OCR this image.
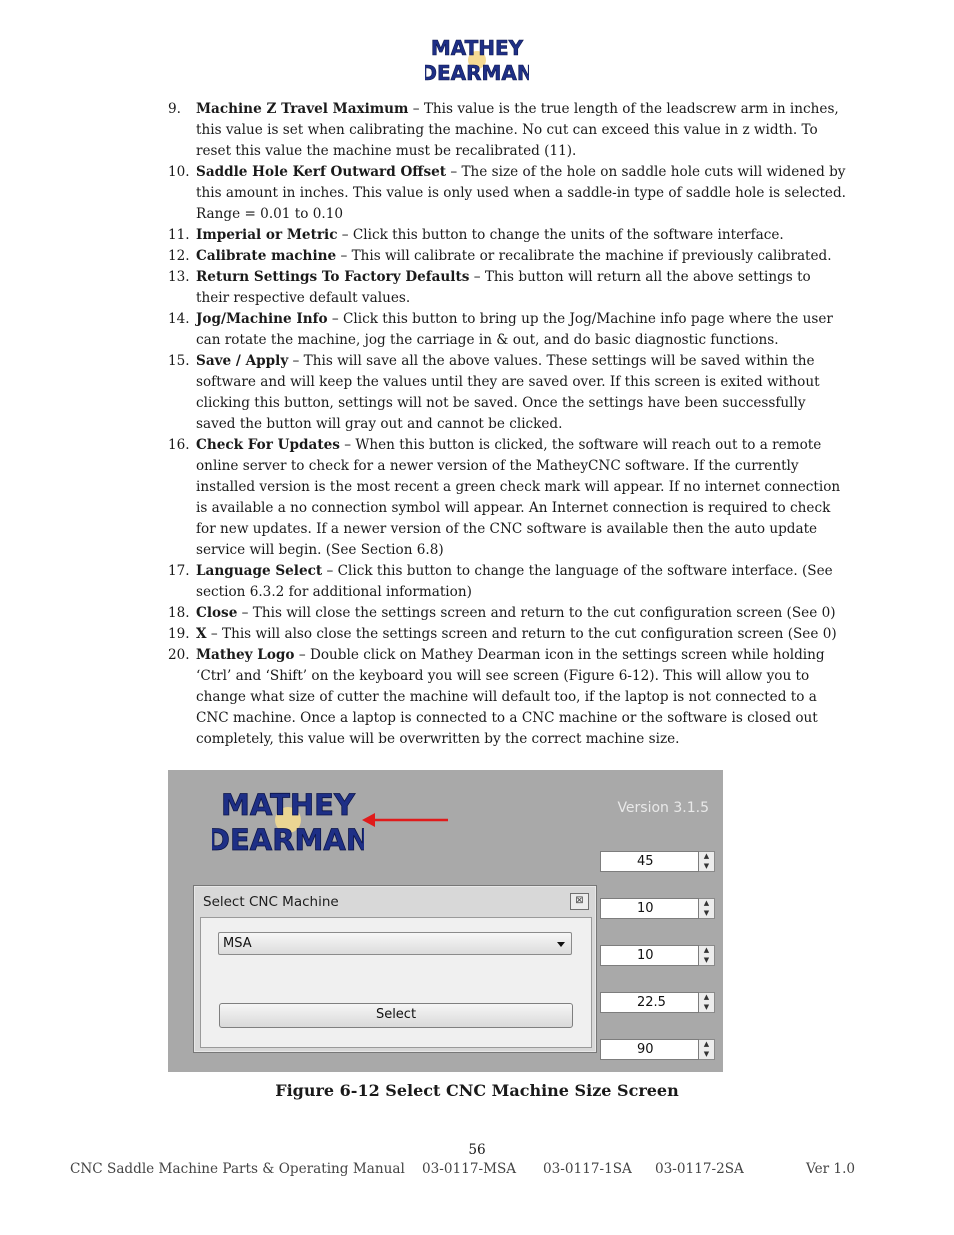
MATHEY
DEARMAN
9.	Machine Z Travel Maximum – This value is the true length of the leadscrew arm in inches, this value is set when calibrating the machine. No cut can exceed this value in z width. To reset this value the machine must be recalibrated (11).
10. Saddle Hole Kerf Outward Offset – The size of the hole on saddle hole cuts will widened by this amount in inches. This value is only used when a saddle-in type of saddle hole is selected. Range = 0.01 to 0.10
11. Imperial or Metric – Click this button to change the units of the software interface.
12. Calibrate machine – This will calibrate or recalibrate the machine if previously calibrated.
13. Return Settings To Factory Defaults – This button will return all the above settings to their respective default values.
14. Jog/Machine Info – Click this button to bring up the Jog/Machine info page where the user can rotate the machine, jog the carriage in & out, and do basic diagnostic functions.
15. Save / Apply – This will save all the above values. These settings will be saved within the software and will keep the values until they are saved over. If this screen is exited without clicking this button, settings will not be saved. Once the settings have been successfully saved the button will gray out and cannot be clicked.
16. Check For Updates – When this button is clicked, the software will reach out to a remote online server to check for a newer version of the MatheyCNC software. If the currently installed version is the most recent a green check mark will appear. If no internet connection is available a no connection symbol will appear. An Internet connection is required to check for new updates. If a newer version of the CNC software is available then the auto update service will begin. (See Section 6.8)
17. Language Select – Click this button to change the language of the software interface. (See section 6.3.2 for additional information)
18. Close – This will close the settings screen and return to the cut configuration screen (See 0)
19. X – This will also close the settings screen and return to the cut configuration screen (See 0)
20. Mathey Logo – Double click on Mathey Dearman icon in the settings screen while holding ‘Ctrl’ and ‘Shift’ on the keyboard you will see screen (Figure 6-12). This will allow you to change what size of cutter the machine will default too, if the laptop is not connected to a CNC machine. Once a laptop is connected to a CNC machine or the software is closed out completely, this value will be overwritten by the correct machine size.
MATHEY
DEARMAN
Version 3.1.5
45	▲
▼
10	▲
▼
10	▲
▼
22.5	▲
▼
90	▲
▼
Select CNC Machine	⊠
MSA
Select
Figure 6-12 Select CNC Machine Size Screen
56
CNC Saddle Machine Parts & Operating Manual 03-0117-MSA 03-0117-1SA 03-0117-2SA	Ver 1.0
